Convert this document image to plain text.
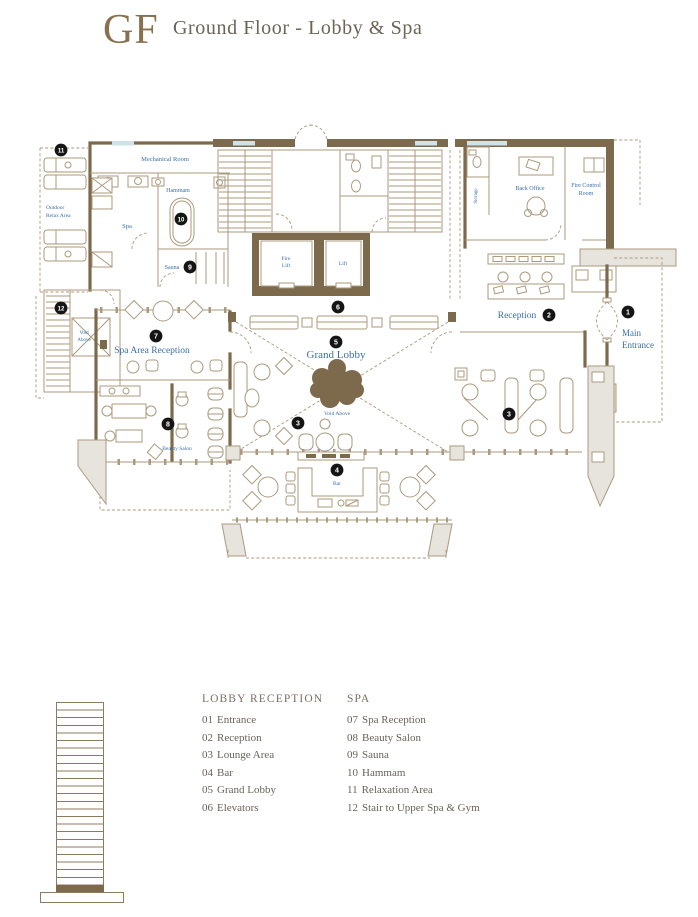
GF Ground Floor - Lobby & Spa
Mechanical Room
Hammam
Spa
Sauna
Outdoor
Relax Area
Fire
Lift	Lift
Storage	Back Office	Fire Control
Room
Reception
Main
Entrance
Void
Above
Spa Area Reception
Beauty Salon
Grand Lobby
Void Above
Bar
11
10
9
12	6
7
5
2	1
3
3
8
4
LOBBY RECEPTION
01 Entrance
02 Reception
03 Lounge Area
04 Bar
05 Grand Lobby
06 Elevators
SPA
07 Spa Reception
08 Beauty Salon
09 Sauna
10 Hammam
11 Relaxation Area
12 Stair to Upper Spa & Gym
